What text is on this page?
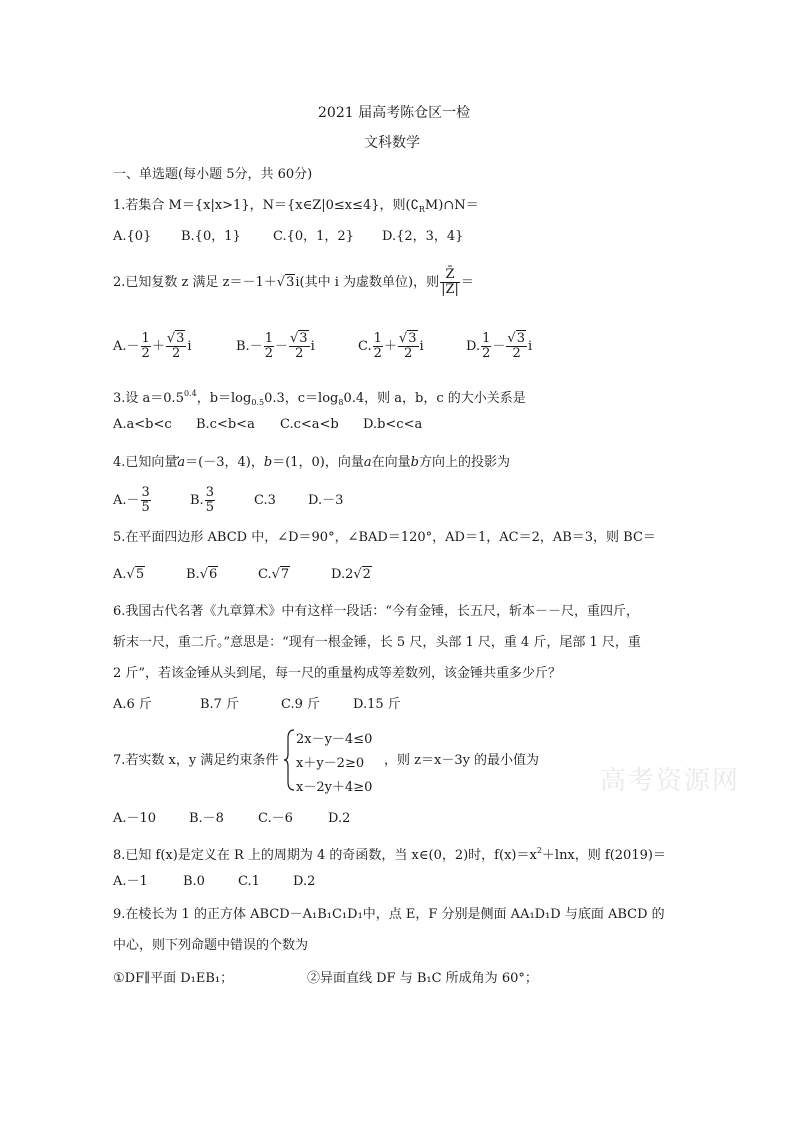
2021 届高考陈仓区一检
文科数学
一、单选题(每小题 5分，共 60分)
1.若集合 M＝{x|x>1}，N＝{x∈Z|0≤x≤4}，则$(∁_RM)\cap N=$
A.{0} B.{0，1} C.{0，1，2} D.{2，3，4}
2.已知复数 z 满足 z＝－1＋√3i(其中 i 为虚数单位)，则 $\frac{Z̄}{|Z|}$ ＝
$A.- \frac{1}{2} + \frac{√3}{2}$ i	$B.- \frac{1}{2} - \frac{√3}{2}$ i	C. $\frac{1}{2} + \frac{√3}{2}$ i	D. $\frac{1}{2} - \frac{√3}{2}$ i
3.设 $a=0.5^{0.4}$，$b=\log_{0.5}0.3$，$c=\log_80.4$，则 a，b，c 的大小关系是
A.a<b<c B.c<b<a C.c<a<b D.b<c<a
4.已知向量a＝(－3，4)，b＝(1，0)，向量a在向量b方向上的投影为
$A.- \frac{3}{5}$	B. $\frac{3}{5}$	C.3 D.－3
5.在平面四边形 ABCD 中，∠D＝90°，∠BAD＝120°，AD＝1，AC＝2，AB＝3，则 BC＝
A.√5	B.√6	C.√7	D.2√2
6.我国古代名著《九章算术》中有这样一段话：“今有金锤，长五尺，斩本－－尺，重四斤，
斩末一尺，重二斤。”意思是：“现有一根金锤，长 5 尺，头部 1 尺，重 4 斤，尾部 1 尺，重
2 斤”，若该金锤从头到尾，每一尺的重量构成等差数列，该金锤共重多少斤？
A.6 斤	B.7 斤	C.9 斤	D.15 斤
7.若实数 x，y 满足约束条件
2x－y－4≤0
x＋y－2≥0
x－2y＋4≥0
，则 z＝x－3y 的最小值为
高考资源网
A.－10	B.－8	C.－6	D.2
8.已知 f(x)是定义在 R 上的周期为 4 的奇函数，当 x∈(0，2)时，$f(x)=x^2+\ln x$，则 f(2019)＝
A.－1	B.0	C.1	D.2
9.在棱长为 1 的正方体 ABCD－A₁B₁C₁D₁中，点 E，F 分别是侧面 AA₁D₁D 与底面 ABCD 的
中心，则下列命题中错误的个数为
①DF∥平面 D₁EB₁；	②异面直线 DF 与 B₁C 所成角为 60°；
